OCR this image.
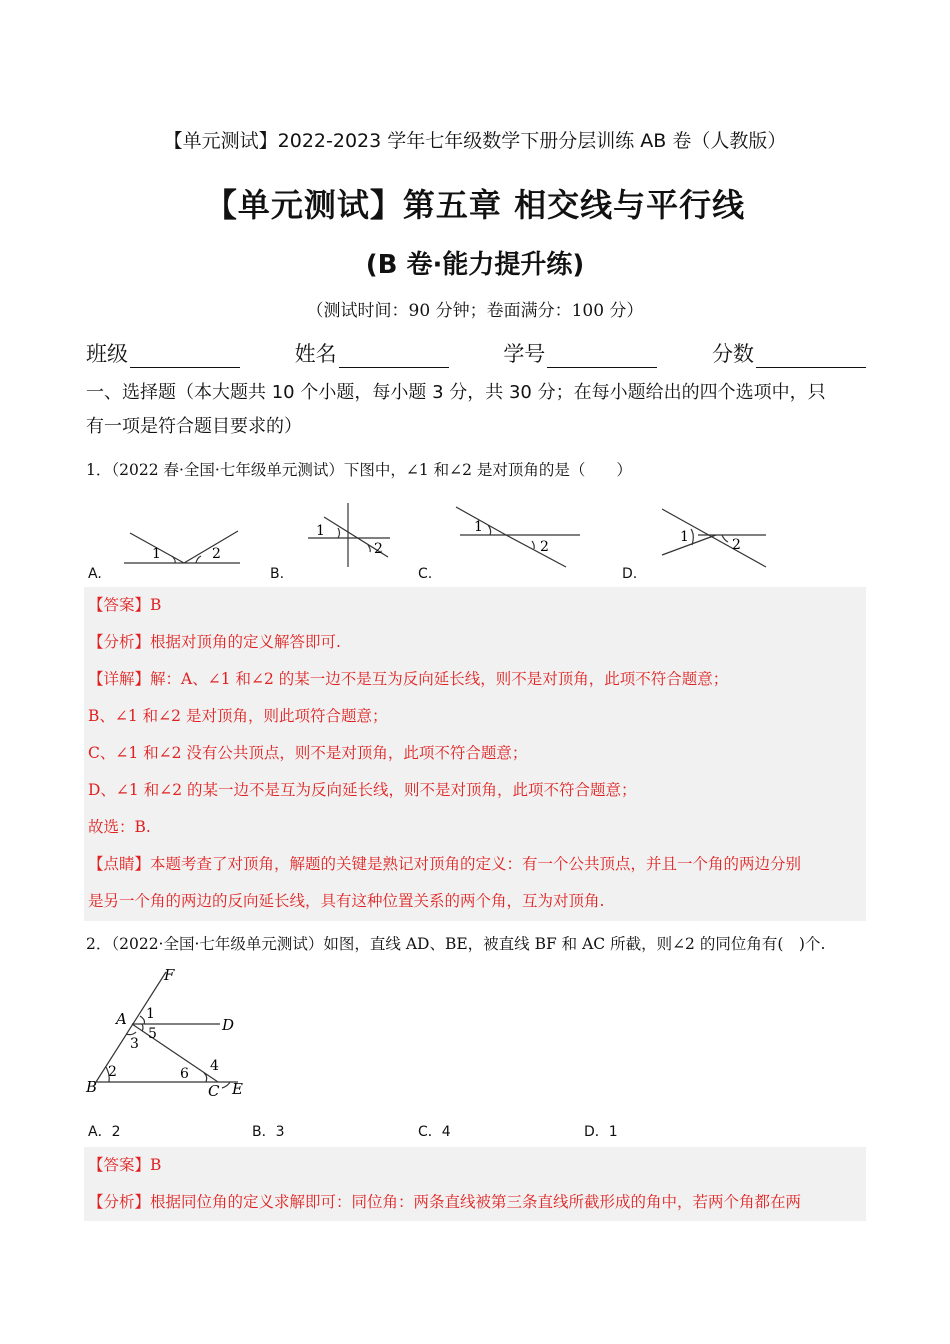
【单元测试】2022-2023 学年七年级数学下册分层训练 AB 卷（人教版）
【单元测试】第五章 相交线与平行线
(B 卷·能力提升练)
（测试时间：90 分钟；卷面满分：100 分）
班级	姓名	学号	分数
一、选择题（本大题共 10 个小题，每小题 3 分，共 30 分；在每小题给出的四个选项中，只
有一项是符合题目要求的）
1．（2022 春·全国·七年级单元测试）下图中，∠1 和∠2 是对顶角的是（　　）
1	2
1
2
1
2
1	2
A.	B.	C.	D.
【答案】B
【分析】根据对顶角的定义解答即可.
【详解】解：A、∠1 和∠2 的某一边不是互为反向延长线，则不是对顶角，此项不符合题意；
B、∠1 和∠2 是对顶角，则此项符合题意；
C、∠1 和∠2 没有公共顶点，则不是对顶角，此项不符合题意；
D、∠1 和∠2 的某一边不是互为反向延长线，则不是对顶角，此项不符合题意；
故选：B.
【点睛】本题考查了对顶角，解题的关键是熟记对顶角的定义：有一个公共顶点，并且一个角的两边分别
是另一个角的两边的反向延长线，具有这种位置关系的两个角，互为对顶角.
2．（2022·全国·七年级单元测试）如图，直线 AD、BE，被直线 BF 和 AC 所截，则∠2 的同位角有(　)个.
F
A	D
B	C E
1
5
3
2	6 4
A．2	B．3	C．4	D．1
【答案】B
【分析】根据同位角的定义求解即可：同位角：两条直线被第三条直线所截形成的角中，若两个角都在两
